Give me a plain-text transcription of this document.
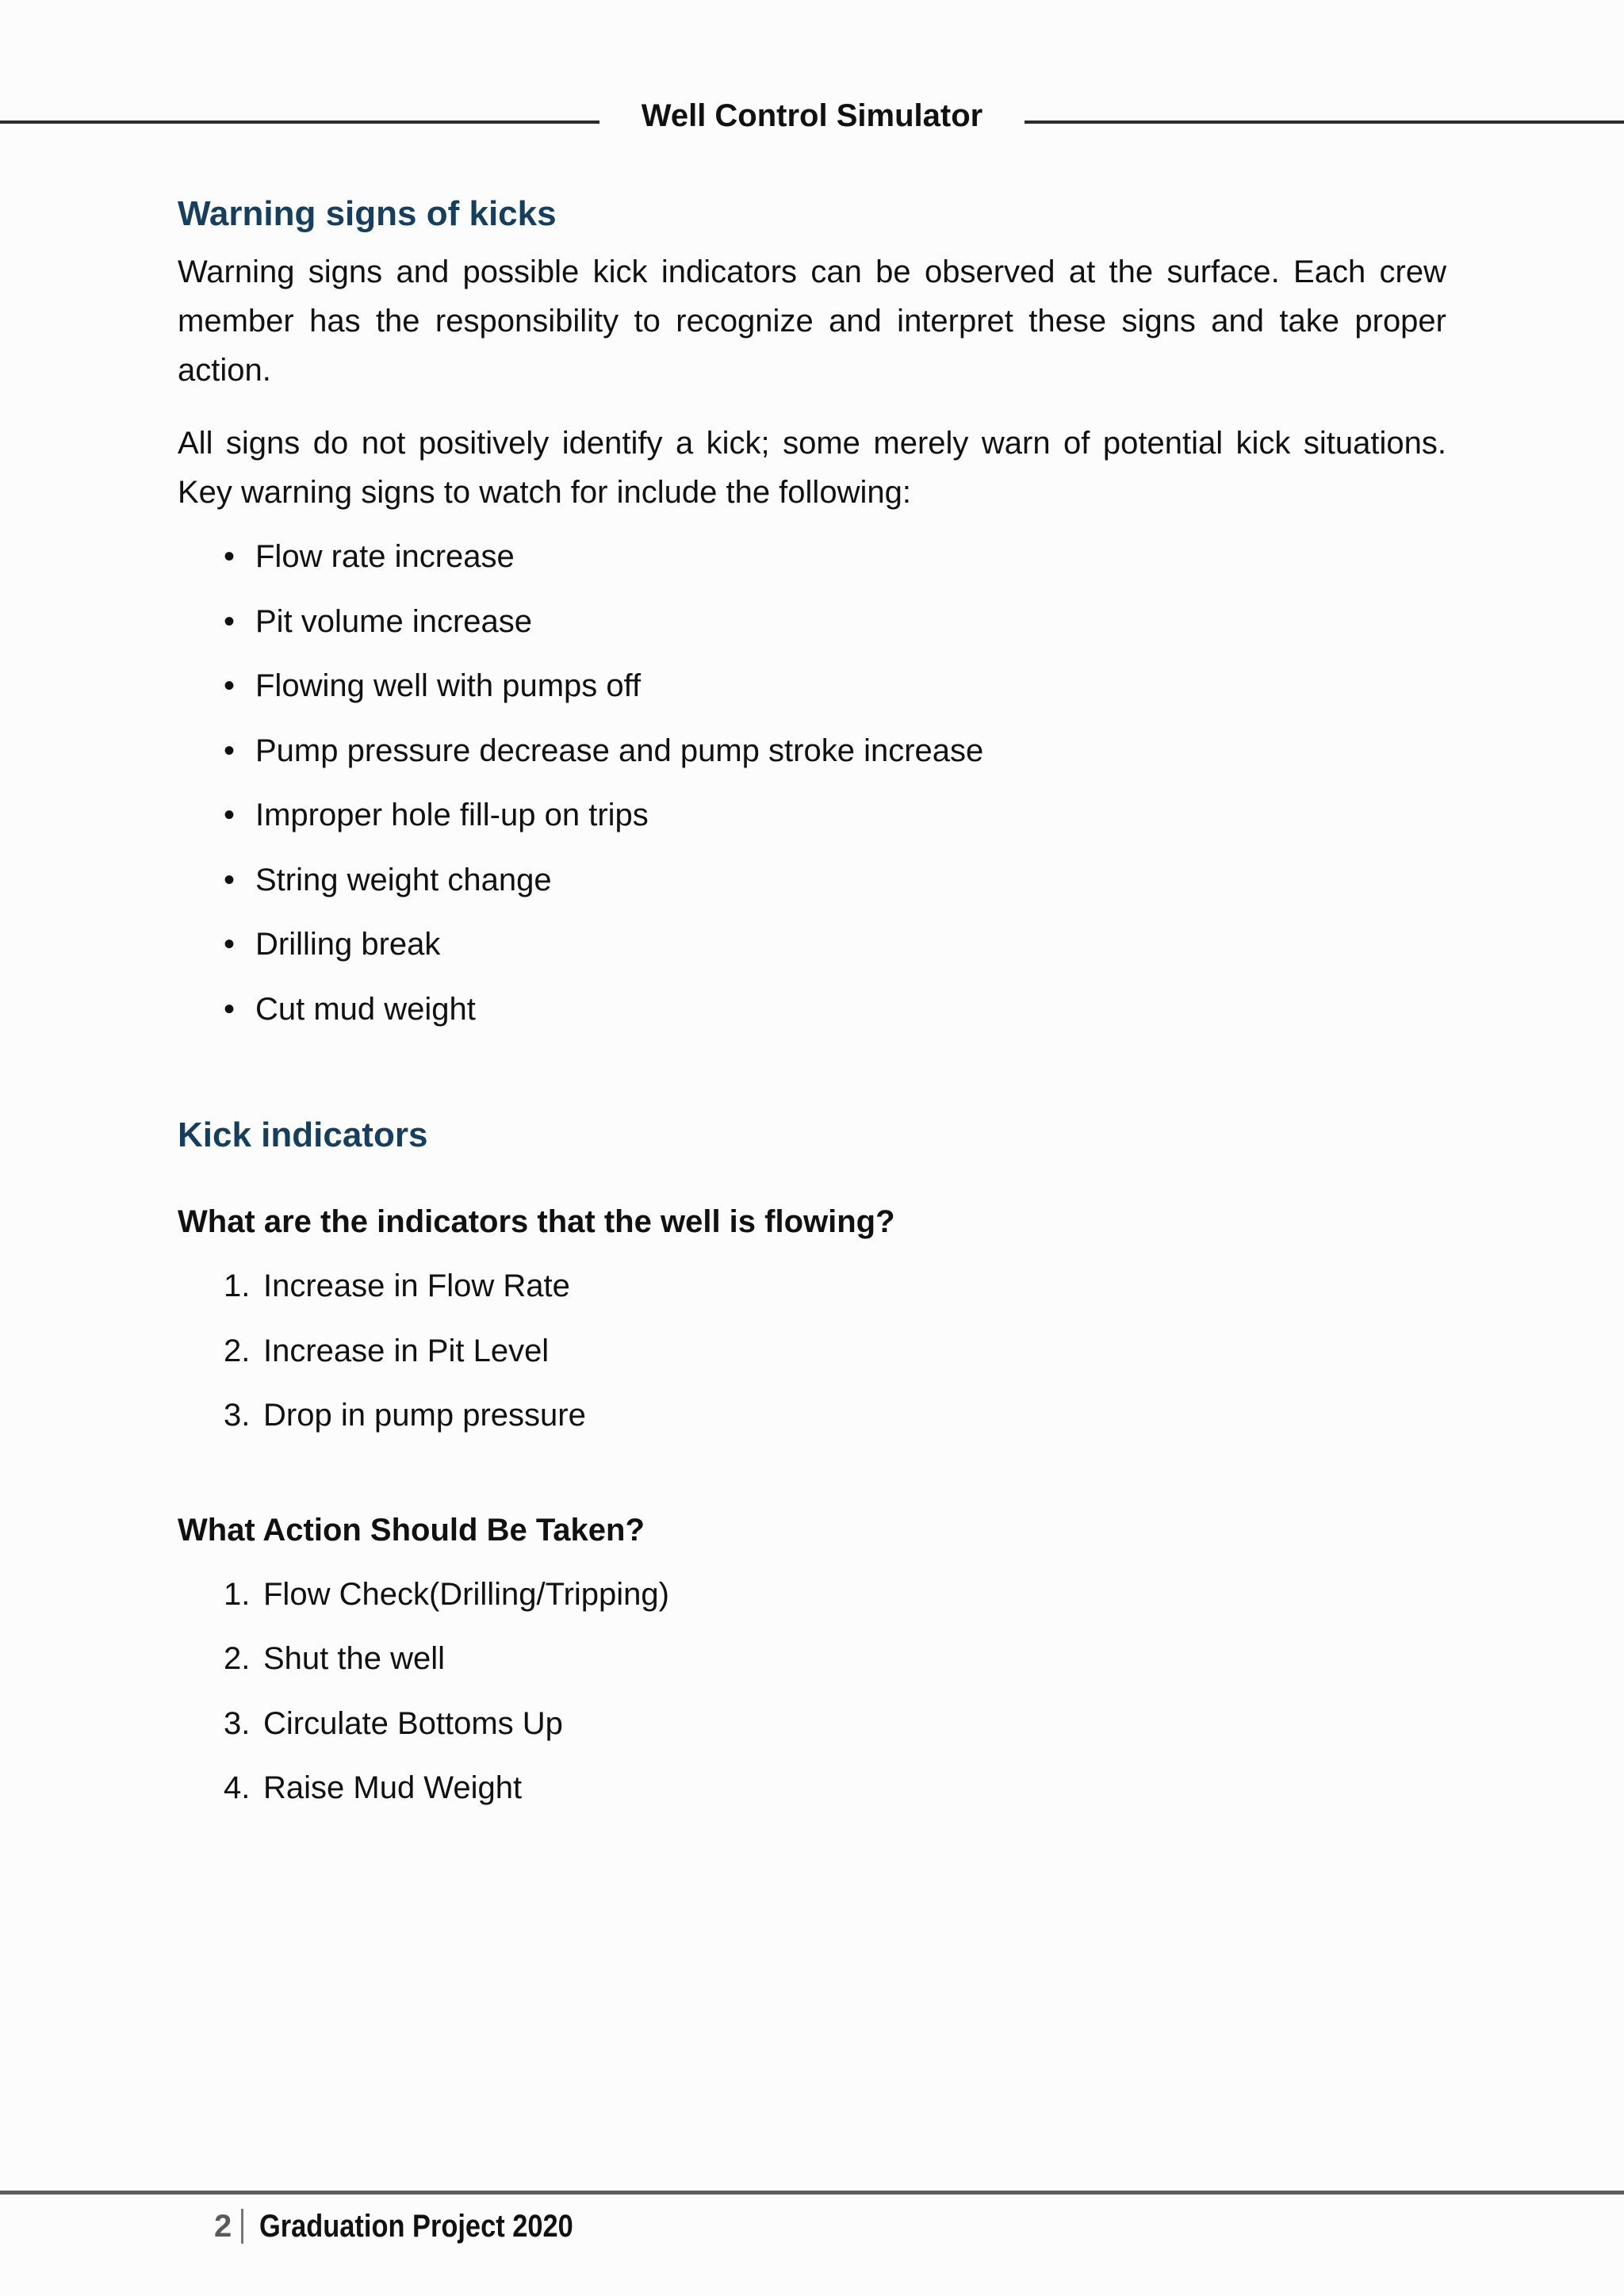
Well Control Simulator
Warning signs of kicks

Warning signs and possible kick indicators can be observed at the surface. Each crew member has the responsibility to recognize and interpret these signs and take proper action.

All signs do not positively identify a kick; some merely warn of potential kick situations. Key warning signs to watch for include the following:

• Flow rate increase
• Pit volume increase
• Flowing well with pumps off
• Pump pressure decrease and pump stroke increase
• Improper hole fill-up on trips
• String weight change
• Drilling break
• Cut mud weight
Kick indicators
What are the indicators that the well is flowing?
1. Increase in Flow Rate
2. Increase in Pit Level
3. Drop in pump pressure
What Action Should Be Taken?
1. Flow Check(Drilling/Tripping)
2. Shut the well
3. Circulate Bottoms Up
4. Raise Mud Weight
2 Graduation Project 2020
